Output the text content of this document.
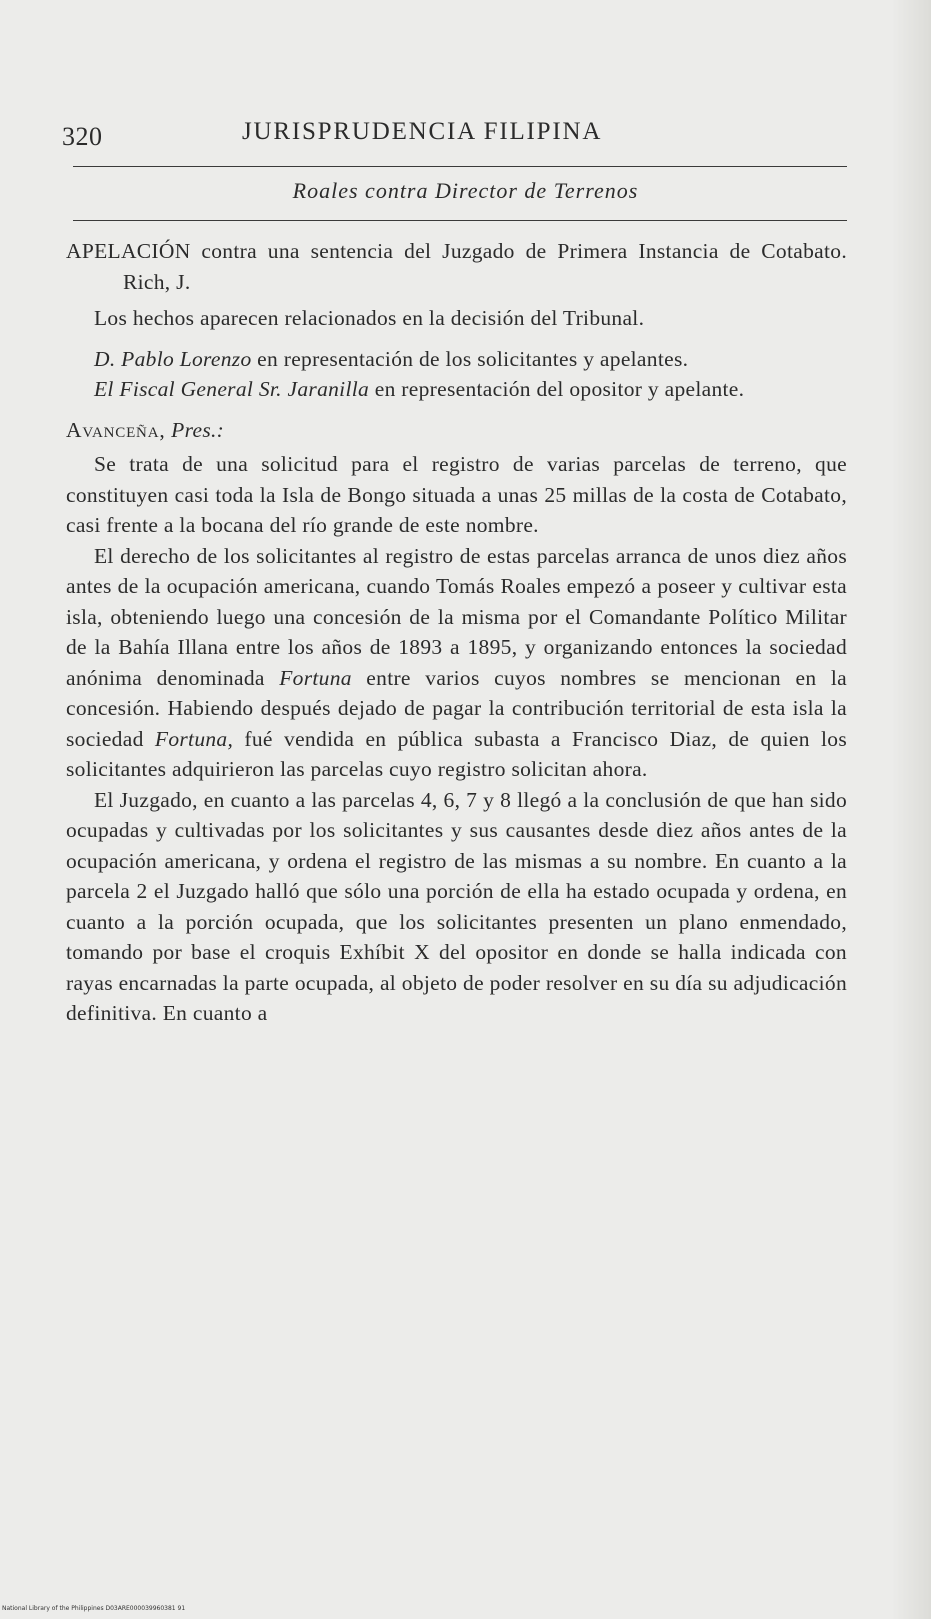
320	JURISPRUDENCIA FILIPINA
Roales contra Director de Terrenos

APELACIÓN contra una sentencia del Juzgado de Primera Instancia de Cotabato. Rich, J.

Los hechos aparecen relacionados en la decisión del Tribunal.

D. Pablo Lorenzo en representación de los solicitantes y apelantes.

El Fiscal General Sr. Jaranilla en representación del opositor y apelante.

Avanceña, Pres.:

Se trata de una solicitud para el registro de varias parcelas de terreno, que constituyen casi toda la Isla de Bongo situada a unas 25 millas de la costa de Cotabato, casi frente a la bocana del río grande de este nombre.

El derecho de los solicitantes al registro de estas parcelas arranca de unos diez años antes de la ocupación americana, cuando Tomás Roales empezó a poseer y cultivar esta isla, obteniendo luego una concesión de la misma por el Comandante Político Militar de la Bahía Illana entre los años de 1893 a 1895, y organizando entonces la sociedad anónima denominada Fortuna entre varios cuyos nombres se mencionan en la concesión. Habiendo después dejado de pagar la contribución territorial de esta isla la sociedad Fortuna, fué vendida en pública subasta a Francisco Diaz, de quien los solicitantes adquirieron las parcelas cuyo registro solicitan ahora.

El Juzgado, en cuanto a las parcelas 4, 6, 7 y 8 llegó a la conclusión de que han sido ocupadas y cultivadas por los solicitantes y sus causantes desde diez años antes de la ocupación americana, y ordena el registro de las mismas a su nombre. En cuanto a la parcela 2 el Juzgado halló que sólo una porción de ella ha estado ocupada y ordena, en cuanto a la porción ocupada, que los solicitantes presenten un plano enmendado, tomando por base el croquis Exhíbit X del opositor en donde se halla indicada con rayas encarnadas la parte ocupada, al objeto de poder resolver en su día su adjudicación definitiva. En cuanto a

National Library of the Philippines D03ARE000039960381 91
